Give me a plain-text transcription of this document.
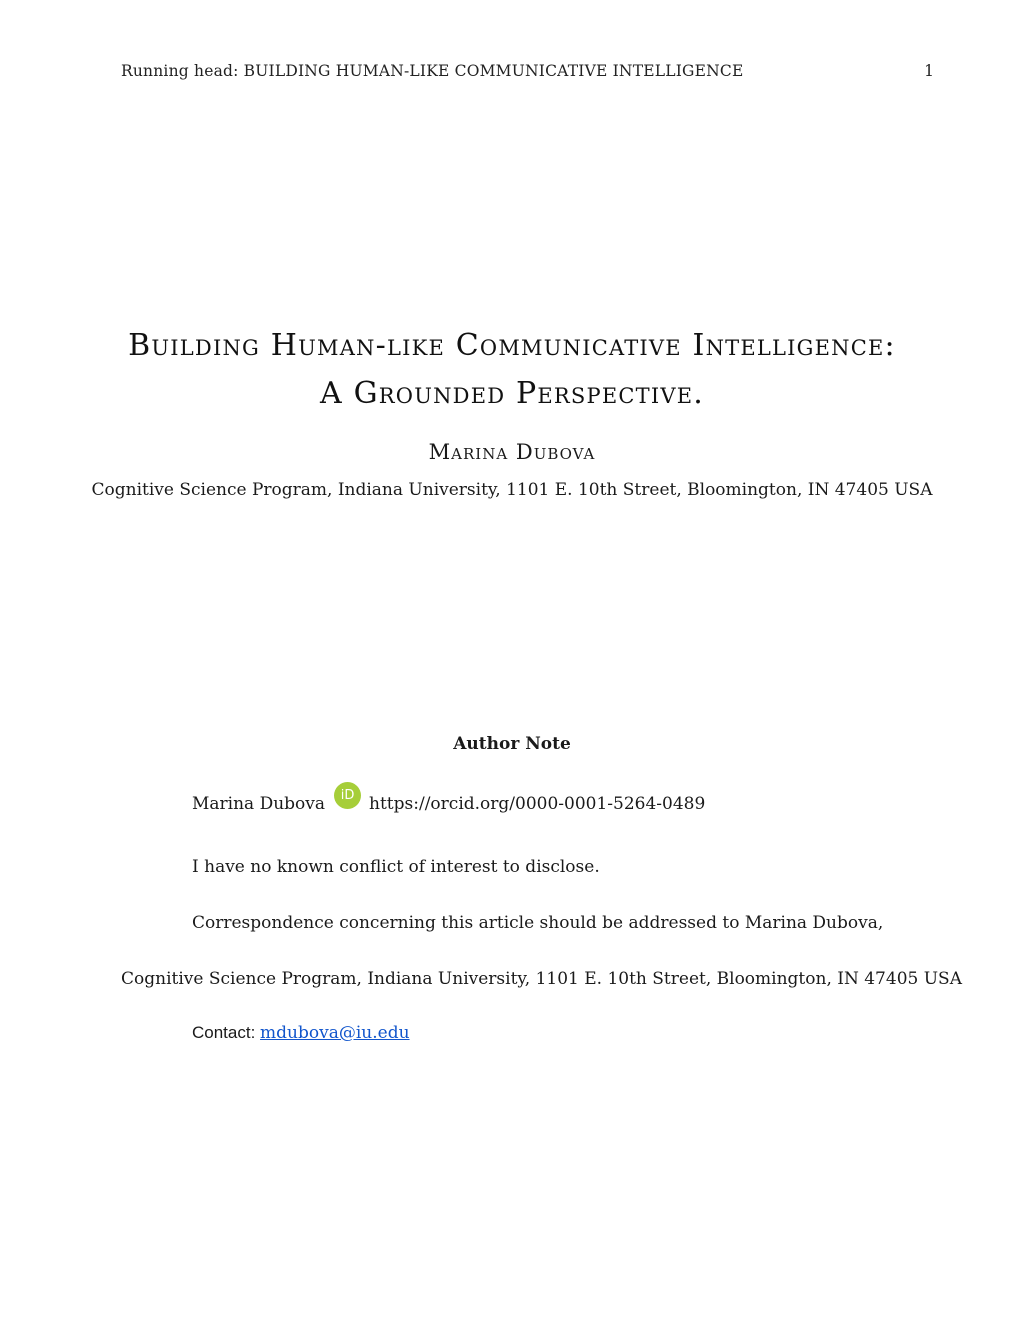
Running head: BUILDING HUMAN-LIKE COMMUNICATIVE INTELLIGENCE	1
Building Human-like Communicative Intelligence:
A Grounded Perspective.
Marina Dubova
Cognitive Science Program, Indiana University, 1101 E. 10th Street, Bloomington, IN 47405 USA
Author Note
Marina Dubova	iD https://orcid.org/0000-0001-5264-0489
I have no known conflict of interest to disclose.
Correspondence concerning this article should be addressed to Marina Dubova,
Cognitive Science Program, Indiana University, 1101 E. 10th Street, Bloomington, IN 47405 USA
Contact: mdubova@iu.edu
